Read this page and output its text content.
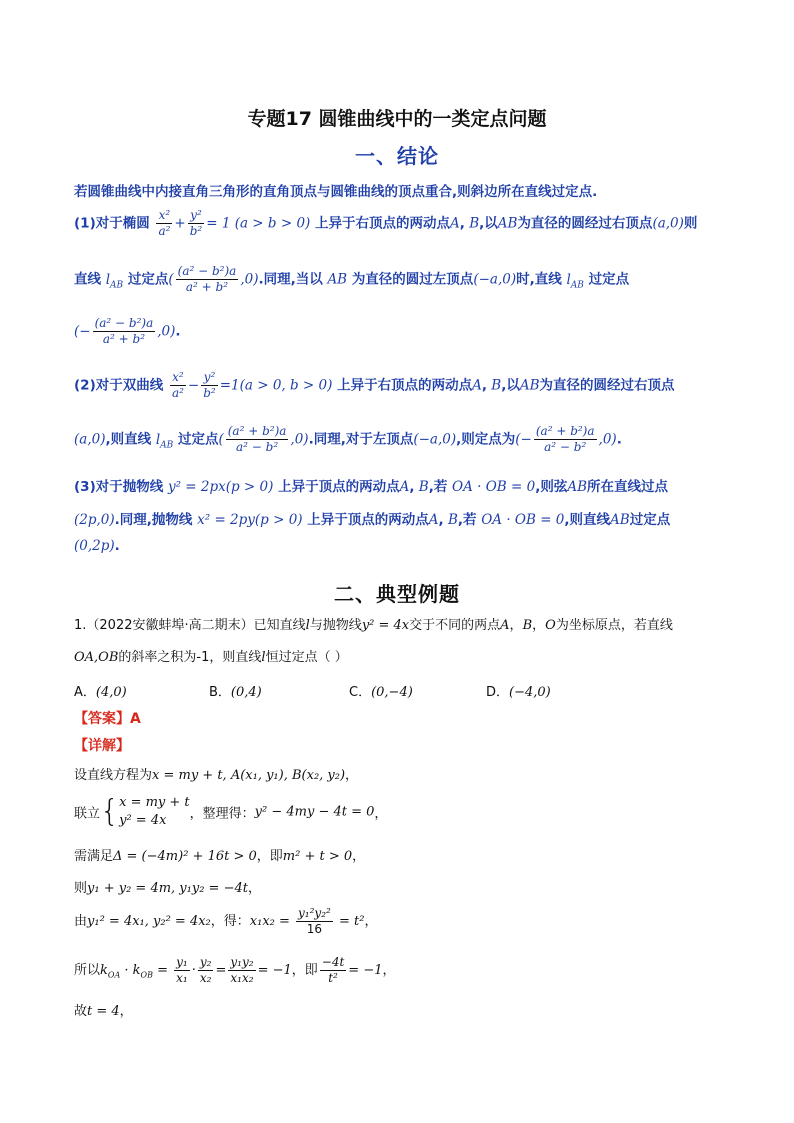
专题17 圆锥曲线中的一类定点问题
一、结论
若圆锥曲线中内接直角三角形的直角顶点与圆锥曲线的顶点重合,则斜边所在直线过定点.
(1)对于椭圆 $\frac{\text{x²}}{\text{a²}} + \frac{\text{y²}}{\text{b²}} = 1$ (a > b > 0) 上异于右顶点的两动点A, B,以AB为直径的圆经过右顶点(a,0)则
直线 $l_{AB}$ 过定点( $\frac{\text{(a² − b²)a}}{\text{a² + b²}} ,0$).同理,当以 AB 为直径的圆过左顶点(−a,0)时,直线 $l_{AB}$ 过定点
(− $\frac{\text{(a² − b²)a}}{\text{a² + b²}} ,0$).
(2)对于双曲线 $\frac{\text{x²}}{\text{a²}} - \frac{\text{y²}}{\text{b²}} =1(a > 0$, b > 0) 上异于右顶点的两动点A, B,以AB为直径的圆经过右顶点
(a,0),则直线 $l_{AB}$ 过定点( $\frac{\text{(a² + b²)a}}{\text{a² − b²}} ,0$).同理,对于左顶点(−a,0),则定点为(− $\frac{\text{(a² + b²)a}}{\text{a² − b²}} ,0$).
(3)对于抛物线 y² = 2px(p > 0) 上异于顶点的两动点A, B,若 OA · OB = 0,则弦AB所在直线过点
(2p,0).同理,抛物线 x² = 2py(p > 0) 上异于顶点的两动点A, B,若 OA · OB = 0,则直线AB过定点
(0,2p).
二、典型例题
1.（2022安徽蚌埠·高二期末）已知直线l与抛物线y² = 4x交于不同的两点A，B，O为坐标原点，若直线
OA,OB的斜率之积为-1，则直线l恒过定点（ ）
A．(4,0)	B．(0,4)	C．(0,−4)	D．(−4,0)
【答案】A
【详解】
设直线方程为x = my + t, A(x₁, y₁), B(x₂, y₂)，
联立{ x = my + t
y² = 4x	，整理得：y² − 4my − 4t = 0，
需满足Δ = (−4m)² + 16t > 0，即m² + t > 0，
则y₁ + y₂ = 4m, y₁y₂ = −4t，
由y₁² = 4x₁, y₂² = 4x₂，得：$x_1x_2 = \frac{\text{y₁²y₂²}}{16} = t^2$，
所以$k_{OA} \cdot k_{OB} = \frac{\text{y₁}}{\text{x₁}} \cdot \frac{\text{y₂}}{\text{x₂}} = \frac{\text{y₁y₂}}{\text{x₁x₂}} = -1$，即 $\frac{-4t}{\text{t²}} = -1$，
故t = 4，
